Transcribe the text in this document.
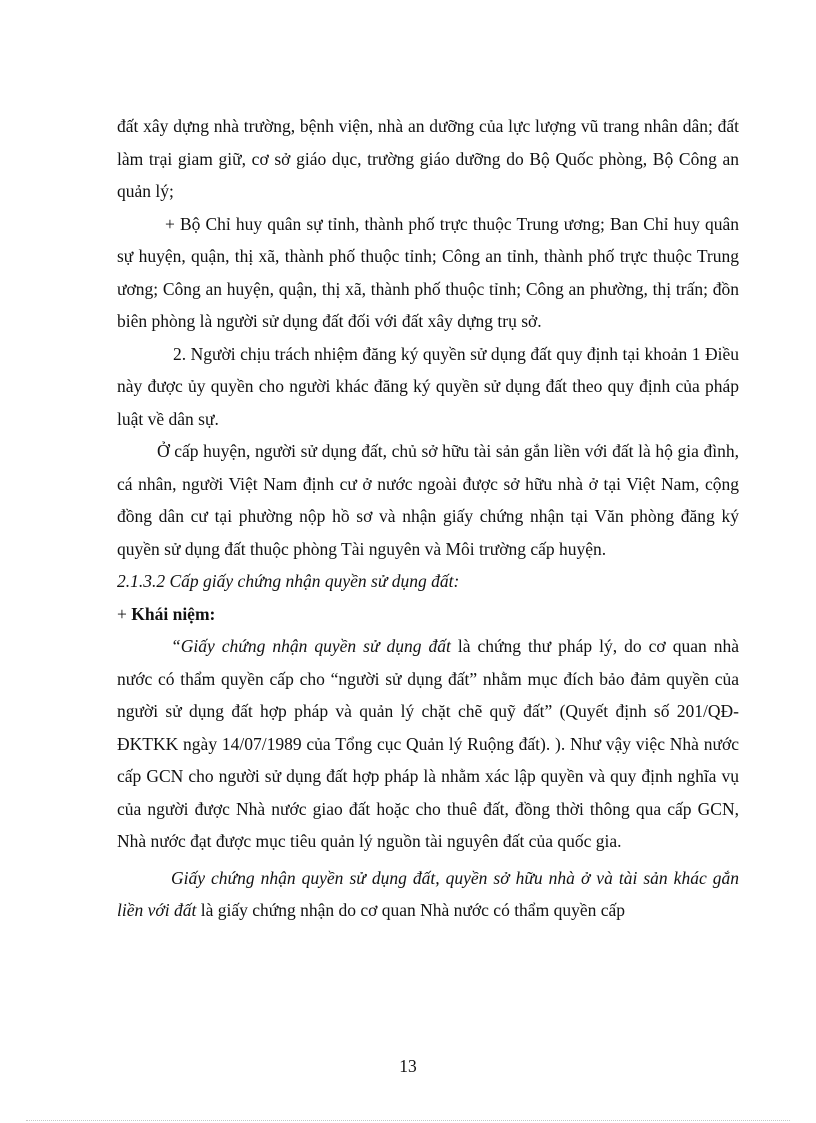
đất xây dựng nhà trường, bệnh viện, nhà an dưỡng của lực lượng vũ trang nhân dân; đất làm trại giam giữ, cơ sở giáo dục, trường giáo dưỡng do Bộ Quốc phòng, Bộ Công an quản lý;

+ Bộ Chỉ huy quân sự tỉnh, thành phố trực thuộc Trung ương; Ban Chỉ huy quân sự huyện, quận, thị xã, thành phố thuộc tỉnh; Công an tỉnh, thành phố trực thuộc Trung ương; Công an huyện, quận, thị xã, thành phố thuộc tỉnh; Công an phường, thị trấn; đồn biên phòng là người sử dụng đất đối với đất xây dựng trụ sở.

2. Người chịu trách nhiệm đăng ký quyền sử dụng đất quy định tại khoản 1 Điều này được ủy quyền cho người khác đăng ký quyền sử dụng đất theo quy định của pháp luật về dân sự.

Ở cấp huyện, người sử dụng đất, chủ sở hữu tài sản gắn liền với đất là hộ gia đình, cá nhân, người Việt Nam định cư ở nước ngoài được sở hữu nhà ở tại Việt Nam, cộng đồng dân cư tại phường nộp hồ sơ và nhận giấy chứng nhận tại Văn phòng đăng ký quyền sử dụng đất thuộc phòng Tài nguyên và Môi trường cấp huyện.

2.1.3.2 Cấp giấy chứng nhận quyền sử dụng đất:

+ Khái niệm:

“Giấy chứng nhận quyền sử dụng đất là chứng thư pháp lý, do cơ quan nhà nước có thẩm quyền cấp cho “người sử dụng đất” nhằm mục đích bảo đảm quyền của người sử dụng đất hợp pháp và quản lý chặt chẽ quỹ đất” (Quyết định số 201/QĐ- ĐKTKK ngày 14/07/1989 của Tổng cục Quản lý Ruộng đất). ). Như vậy việc Nhà nước cấp GCN cho người sử dụng đất hợp pháp là nhằm xác lập quyền và quy định nghĩa vụ của người được Nhà nước giao đất hoặc cho thuê đất, đồng thời thông qua cấp GCN, Nhà nước đạt được mục tiêu quản lý nguồn tài nguyên đất của quốc gia.

Giấy chứng nhận quyền sử dụng đất, quyền sở hữu nhà ở và tài sản khác gắn liền với đất là giấy chứng nhận do cơ quan Nhà nước có thẩm quyền cấp

13
